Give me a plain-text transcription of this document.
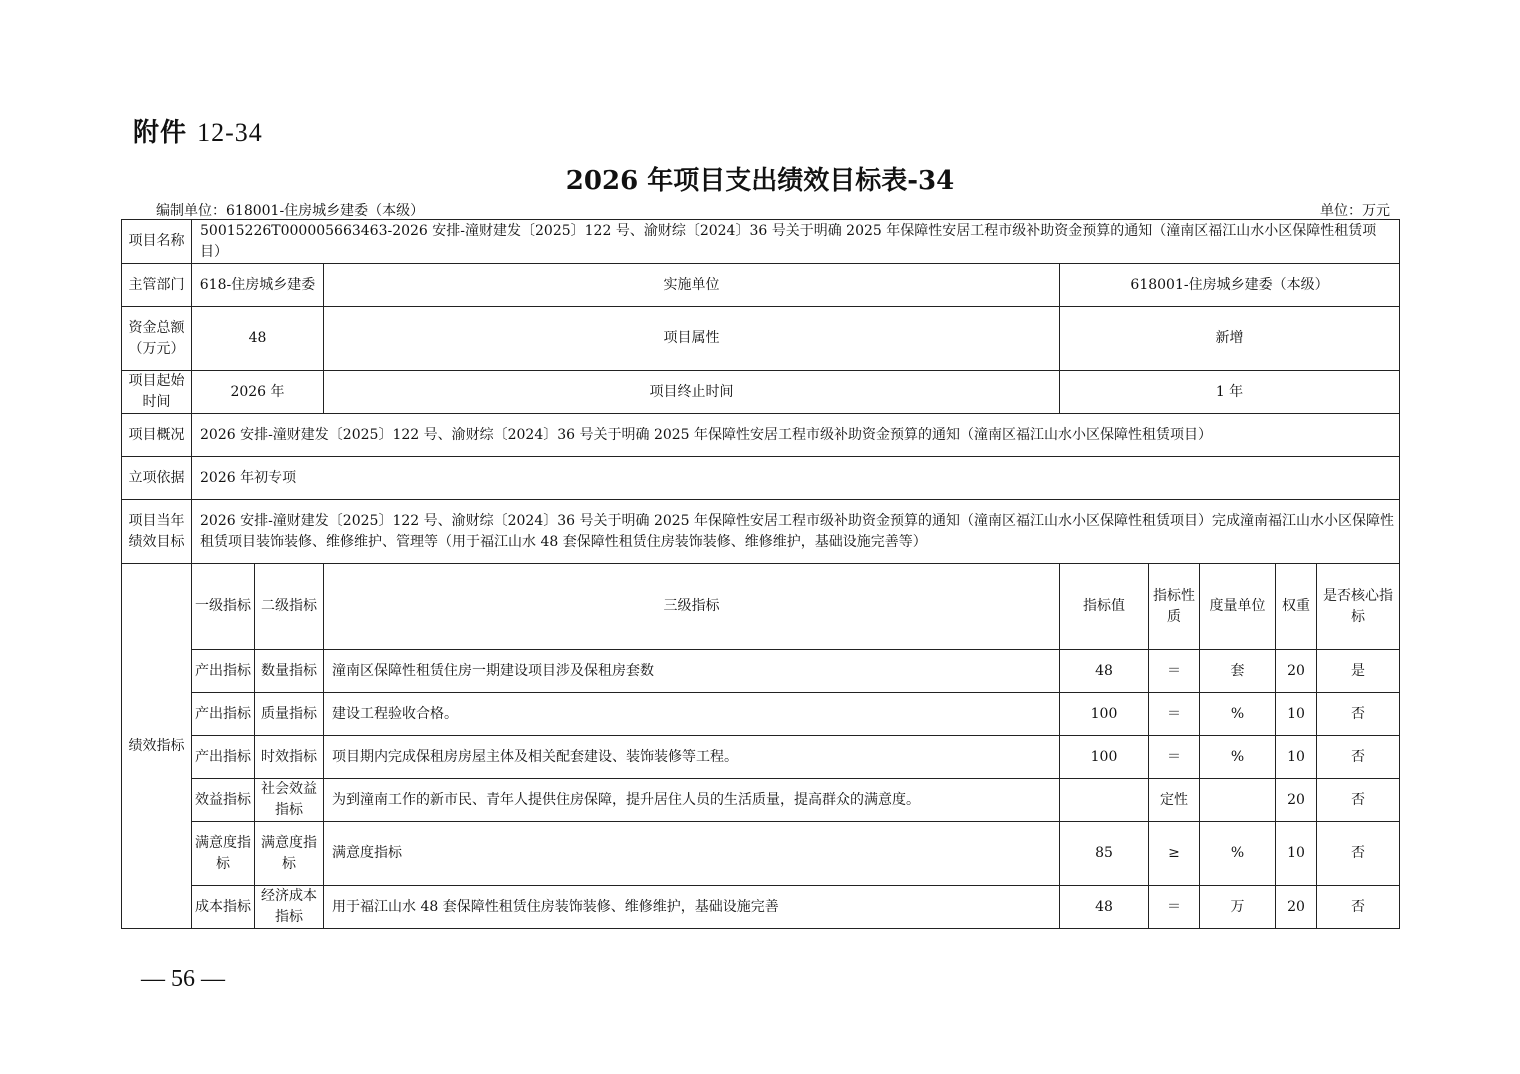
附件 12-34
2026 年项目支出绩效目标表-34
编制单位：618001-住房城乡建委（本级）	单位：万元
项目名称	50015226T000005663463-2026 安排-潼财建发〔2025〕122 号、渝财综〔2024〕36 号关于明确 2025 年保障性安居工程市级补助资金预算的通知（潼南区福江山水小区保障性租赁项目）							
主管部门	618-住房城乡建委		实施单位	618001-住房城乡建委（本级）				
资金总额（万元）	48		项目属性	新增				
项目起始时间	2026 年		项目终止时间	1 年				
项目概况	2026 安排-潼财建发〔2025〕122 号、渝财综〔2024〕36 号关于明确 2025 年保障性安居工程市级补助资金预算的通知（潼南区福江山水小区保障性租赁项目）							
立项依据	2026 年初专项							
项目当年绩效目标	2026 安排-潼财建发〔2025〕122 号、渝财综〔2024〕36 号关于明确 2025 年保障性安居工程市级补助资金预算的通知（潼南区福江山水小区保障性租赁项目）完成潼南福江山水小区保障性租赁项目装饰装修、维修维护、管理等（用于福江山水 48 套保障性租赁住房装饰装修、维修维护，基础设施完善等）							
绩效指标	一级指标	二级指标	三级指标	指标值	指标性质	度量单位	权重	是否核心指标
	产出指标	数量指标	潼南区保障性租赁住房一期建设项目涉及保租房套数	48	＝	套	20	是
	产出指标	质量指标	建设工程验收合格。	100	＝	%	10	否
	产出指标	时效指标	项目期内完成保租房房屋主体及相关配套建设、装饰装修等工程。	100	＝	%	10	否
	效益指标	社会效益指标	为到潼南工作的新市民、青年人提供住房保障，提升居住人员的生活质量，提高群众的满意度。		定性		20	否
	满意度指标	满意度指标	满意度指标	85	≥	%	10	否
	成本指标	经济成本指标	用于福江山水 48 套保障性租赁住房装饰装修、维修维护，基础设施完善	48	＝	万	20	否
— 56 —
